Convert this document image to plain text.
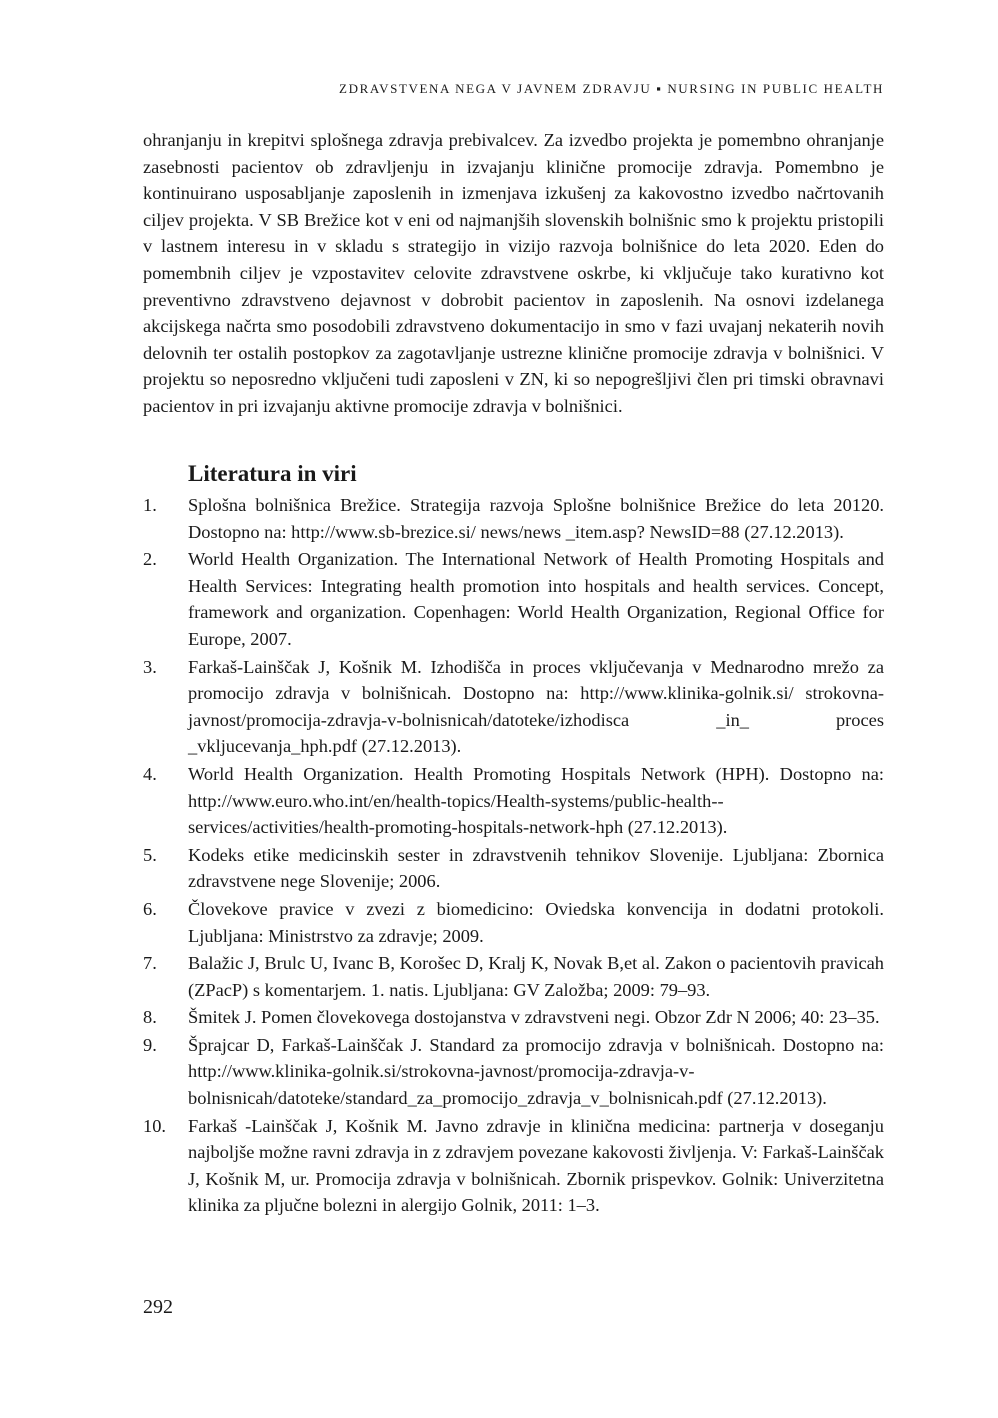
ZDRAVSTVENA NEGA V JAVNEM ZDRAVJU ▪ NURSING IN PUBLIC HEALTH

ohranjanju in krepitvi splošnega zdravja prebivalcev. Za izvedbo projekta je pomembno ohranjanje zasebnosti pacientov ob zdravljenju in izvajanju klinične promocije zdravja. Pomembno je kontinuirano usposabljanje zaposlenih in izmenjava izkušenj za kakovostno izvedbo načrtovanih ciljev projekta. V SB Brežice kot v eni od najmanjših slovenskih bolnišnic smo k projektu pristopili v lastnem interesu in v skladu s strategijo in vizijo razvoja bolnišnice do leta 2020. Eden do pomembnih ciljev je vzpostavitev celovite zdravstvene oskrbe, ki vključuje tako kurativno kot preventivno zdravstveno dejavnost v dobrobit pacientov in zaposlenih. Na osnovi izdelanega akcijskega načrta smo posodobili zdravstveno dokumentacijo in smo v fazi uvajanj nekaterih novih delovnih ter ostalih postopkov za zagotavljanje ustrezne klinične promocije zdravja v bolnišnici. V projektu so neposredno vključeni tudi zaposleni v ZN, ki so nepogrešljivi člen pri timski obravnavi pacientov in pri izvajanju aktivne promocije zdravja v bolnišnici.

Literatura in viri
1. Splošna bolnišnica Brežice. Strategija razvoja Splošne bolnišnice Brežice do leta 20120. Dostopno na: http://www.sb-brezice.si/ news/news _item.asp? NewsID=88 (27.12.2013).
2. World Health Organization. The International Network of Health Promoting Hospitals and Health Services: Integrating health promotion into hospitals and health services. Concept, framework and organization. Copenhagen: World Health Organization, Regional Office for Europe, 2007.
3. Farkaš-Lainščak J, Košnik M. Izhodišča in proces vključevanja v Mednarodno mrežo za promocijo zdravja v bolnišnicah. Dostopno na: http://www.klinika-golnik.si/ strokovna-javnost/promocija-zdravja-v-bolnisnicah/datoteke/izhodisca _in_ proces _vkljucevanja_hph.pdf (27.12.2013).
4. World Health Organization. Health Promoting Hospitals Network (HPH). Dostopno na: http://www.euro.who.int/en/health-topics/Health-systems/public-health--services/activities/health-promoting-hospitals-network-hph (27.12.2013).
5. Kodeks etike medicinskih sester in zdravstvenih tehnikov Slovenije. Ljubljana: Zbornica zdravstvene nege Slovenije; 2006.
6. Človekove pravice v zvezi z biomedicino: Oviedska konvencija in dodatni protokoli. Ljubljana: Ministrstvo za zdravje; 2009.
7. Balažic J, Brulc U, Ivanc B, Korošec D, Kralj K, Novak B,et al. Zakon o pacientovih pravicah (ZPacP) s komentarjem. 1. natis. Ljubljana: GV Založba; 2009: 79–93.
8. Šmitek J. Pomen človekovega dostojanstva v zdravstveni negi. Obzor Zdr N 2006; 40: 23–35.
9. Šprajcar D, Farkaš-Lainščak J. Standard za promocijo zdravja v bolnišnicah. Dostopno na: http://www.klinika-golnik.si/strokovna-javnost/promocija-zdravja-v-bolnisnicah/datoteke/standard_za_promocijo_zdravja_v_bolnisnicah.pdf (27.12.2013).
10. Farkaš -Lainščak J, Košnik M. Javno zdravje in klinična medicina: partnerja v doseganju najboljše možne ravni zdravja in z zdravjem povezane kakovosti življenja. V: Farkaš-Lainščak J, Košnik M, ur. Promocija zdravja v bolnišnicah. Zbornik prispevkov. Golnik: Univerzitetna klinika za pljučne bolezni in alergijo Golnik, 2011: 1–3.
292
